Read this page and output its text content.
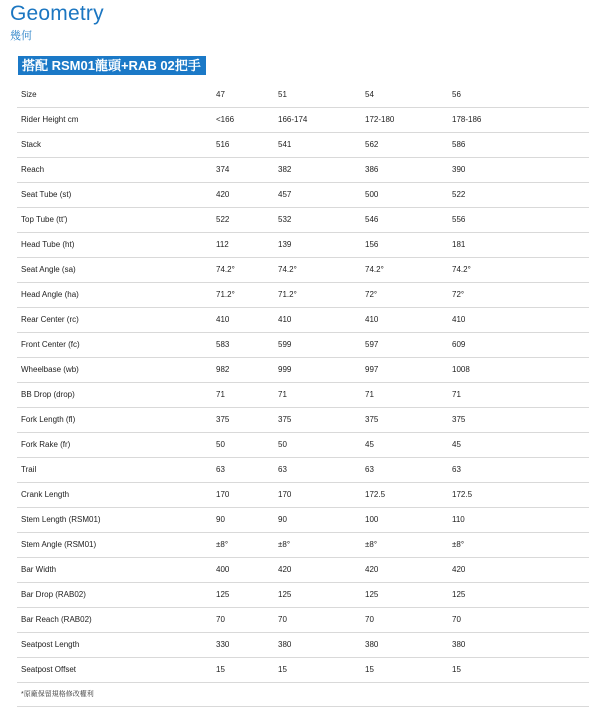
Geometry
幾何
搭配 RSM01龍頭+RAB 02把手
Size	47	51	54	56
Rider Height cm	<166	166-174	172-180	178-186
Stack	516	541	562	586
Reach	374	382	386	390
Seat Tube (st)	420	457	500	522
Top Tube (tt')	522	532	546	556
Head Tube (ht)	112	139	156	181
Seat Angle (sa)	74.2°	74.2°	74.2°	74.2°
Head Angle (ha)	71.2°	71.2°	72°	72°
Rear Center (rc)	410	410	410	410
Front Center (fc)	583	599	597	609
Wheelbase (wb)	982	999	997	1008
BB Drop (drop)	71	71	71	71
Fork Length (fl)	375	375	375	375
Fork Rake (fr)	50	50	45	45
Trail	63	63	63	63
Crank Length	170	170	172.5	172.5
Stem Length (RSM01)	90	90	100	110
Stem Angle (RSM01)	±8°	±8°	±8°	±8°
Bar Width	400	420	420	420
Bar Drop (RAB02)	125	125	125	125
Bar Reach (RAB02)	70	70	70	70
Seatpost Length	330	380	380	380
Seatpost Offset	15	15	15	15
*原廠保留規格修改權利
